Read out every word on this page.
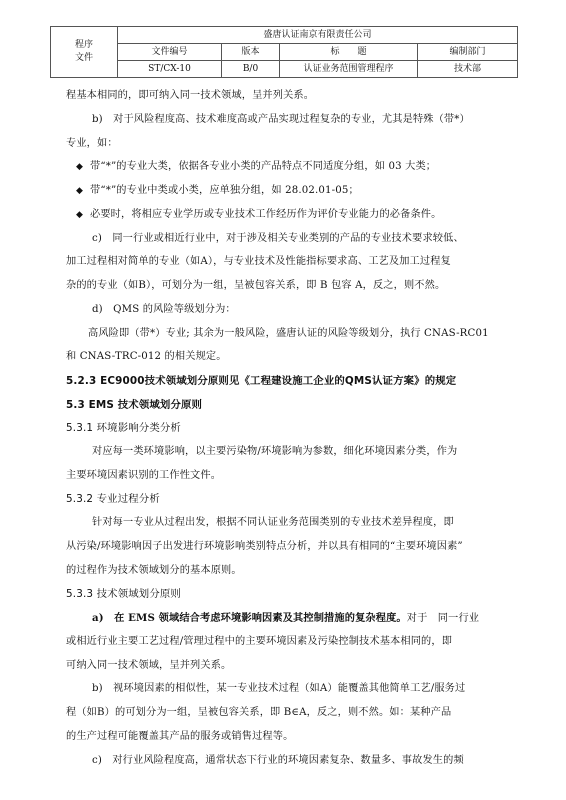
程序
文件	盛唐认证南京有限责任公司			
	文件编号	版本	标　　题	编制部门
	ST/CX-10	B/0	认证业务范围管理程序	技术部
程基本相同的，即可纳入同一技术领域，呈并列关系。
b)　对于风险程度高、技术难度高或产品实现过程复杂的专业，尤其是特殊（带*）
专业，如：
◆ 带“*”的专业大类，依据各专业小类的产品特点不同适度分组，如 03 大类；
◆ 带“*”的专业中类或小类，应单独分组，如 28.02.01-05；
◆ 必要时，将相应专业学历或专业技术工作经历作为评价专业能力的必备条件。
c)　同一行业或相近行业中，对于涉及相关专业类别的产品的专业技术要求较低、
加工过程相对简单的专业（如A），与专业技术及性能指标要求高、工艺及加工过程复
杂的的专业（如B），可划分为一组，呈被包容关系，即 B 包容 A，反之，则不然。
d)　QMS 的风险等级划分为：
高风险即（带*）专业; 其余为一般风险，盛唐认证的风险等级划分，执行 CNAS-RC01
和 CNAS-TRC-012 的相关规定。
5.2.3 EC9000技术领域划分原则见《工程建设施工企业的QMS认证方案》的规定
5.3 EMS 技术领域划分原则
5.3.1 环境影响分类分析
对应每一类环境影响，以主要污染物/环境影响为参数，细化环境因素分类，作为
主要环境因素识别的工作性文件。
5.3.2 专业过程分析
针对每一专业从过程出发，根据不同认证业务范围类别的专业技术差异程度，即
从污染/环境影响因子出发进行环境影响类别特点分析，并以具有相同的“主要环境因素”
的过程作为技术领域划分的基本原则。
5.3.3 技术领域划分原则
a)　 在 EMS 领域结合考虑环境影响因素及其控制措施的复杂程度。对于　同一行业
或相近行业主要工艺过程/管理过程中的主要环境因素及污染控制技术基本相同的，即
可纳入同一技术领域，呈并列关系。
b)　视环境因素的相似性，某一专业技术过程（如A）能覆盖其他简单工艺/服务过
程（如B）的可划分为一组，呈被包容关系，即 B∈A，反之，则不然。如：某种产品
的生产过程可能覆盖其产品的服务或销售过程等。
c)　对行业风险程度高，通常状态下行业的环境因素复杂、数量多、事故发生的频
